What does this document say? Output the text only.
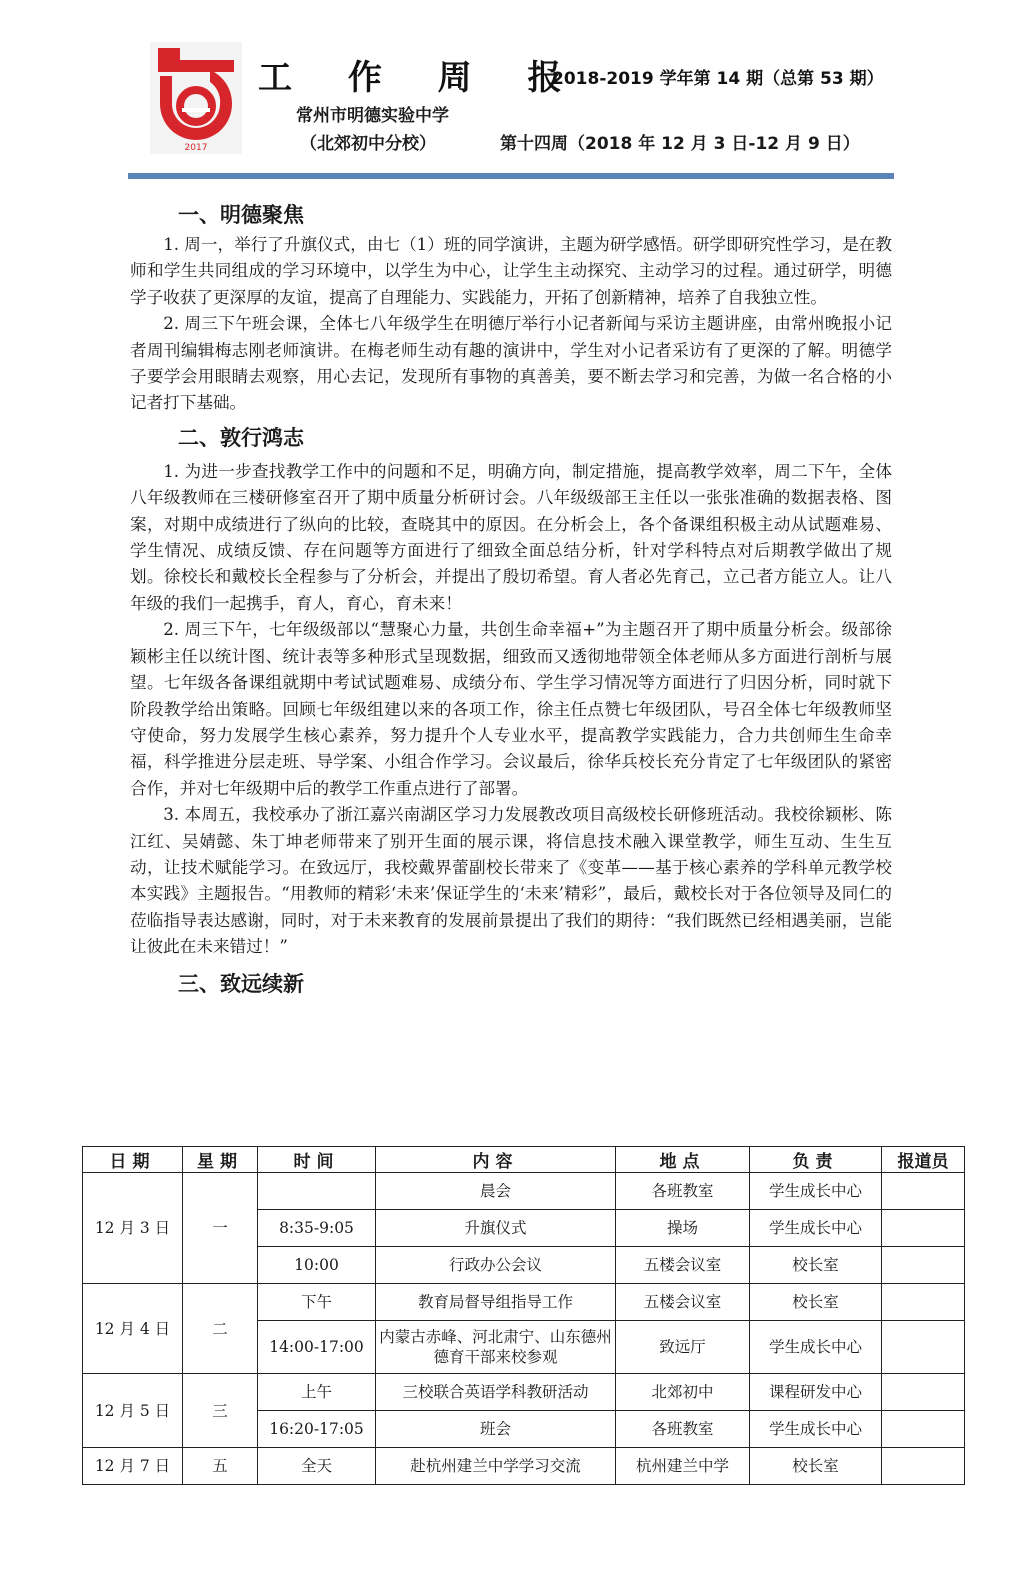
2017
工 作 周 报
2018-2019 学年第 14 期（总第 53 期）
常州市明德实验中学
（北郊初中分校）	第十四周（2018 年 12 月 3 日-12 月 9 日）
一、明德聚焦

1. 周一，举行了升旗仪式，由七（1）班的同学演讲，主题为研学感悟。研学即研究性学习，是在教师和学生共同组成的学习环境中，以学生为中心，让学生主动探究、主动学习的过程。通过研学，明德学子收获了更深厚的友谊，提高了自理能力、实践能力，开拓了创新精神，培养了自我独立性。

2. 周三下午班会课，全体七八年级学生在明德厅举行小记者新闻与采访主题讲座，由常州晚报小记者周刊编辑梅志刚老师演讲。在梅老师生动有趣的演讲中，学生对小记者采访有了更深的了解。明德学子要学会用眼睛去观察，用心去记，发现所有事物的真善美，要不断去学习和完善，为做一名合格的小记者打下基础。

二、敦行鸿志

1. 为进一步查找教学工作中的问题和不足，明确方向，制定措施，提高教学效率，周二下午，全体八年级教师在三楼研修室召开了期中质量分析研讨会。八年级级部王主任以一张张准确的数据表格、图案，对期中成绩进行了纵向的比较，查晓其中的原因。在分析会上，各个备课组积极主动从试题难易、学生情况、成绩反馈、存在问题等方面进行了细致全面总结分析，针对学科特点对后期教学做出了规划。徐校长和戴校长全程参与了分析会，并提出了殷切希望。育人者必先育己，立己者方能立人。让八年级的我们一起携手，育人，育心，育未来！

2. 周三下午，七年级级部以“慧聚心力量，共创生命幸福+”为主题召开了期中质量分析会。级部徐颖彬主任以统计图、统计表等多种形式呈现数据，细致而又透彻地带领全体老师从多方面进行剖析与展望。七年级各备课组就期中考试试题难易、成绩分布、学生学习情况等方面进行了归因分析，同时就下阶段教学给出策略。回顾七年级组建以来的各项工作，徐主任点赞七年级团队，号召全体七年级教师坚守使命，努力发展学生核心素养，努力提升个人专业水平，提高教学实践能力，合力共创师生生命幸福，科学推进分层走班、导学案、小组合作学习。会议最后，徐华兵校长充分肯定了七年级团队的紧密合作，并对七年级期中后的教学工作重点进行了部署。

3. 本周五，我校承办了浙江嘉兴南湖区学习力发展教改项目高级校长研修班活动。我校徐颖彬、陈江红、吴婧懿、朱丁坤老师带来了别开生面的展示课，将信息技术融入课堂教学，师生互动、生生互动，让技术赋能学习。在致远厅，我校戴界蕾副校长带来了《变革——基于核心素养的学科单元教学校本实践》主题报告。“用教师的精彩‘未来’保证学生的‘未来’精彩”，最后，戴校长对于各位领导及同仁的莅临指导表达感谢，同时，对于未来教育的发展前景提出了我们的期待：“我们既然已经相遇美丽，岂能让彼此在未来错过！”

三、致远续新
日期	星期	时间	内容	地点	负责	报道员
12 月 3 日	一		晨会	各班教室	学生成长中心	
		8:35-9:05	升旗仪式	操场	学生成长中心	
		10:00	行政办公会议	五楼会议室	校长室	
12 月 4 日	二	下午	教育局督导组指导工作	五楼会议室	校长室	
		14:00-17:00	内蒙古赤峰、河北肃宁、山东德州德育干部来校参观	致远厅	学生成长中心	
12 月 5 日	三	上午	三校联合英语学科教研活动	北郊初中	课程研发中心	
		16:20-17:05	班会	各班教室	学生成长中心	
12 月 7 日	五	全天	赴杭州建兰中学学习交流	杭州建兰中学	校长室	
